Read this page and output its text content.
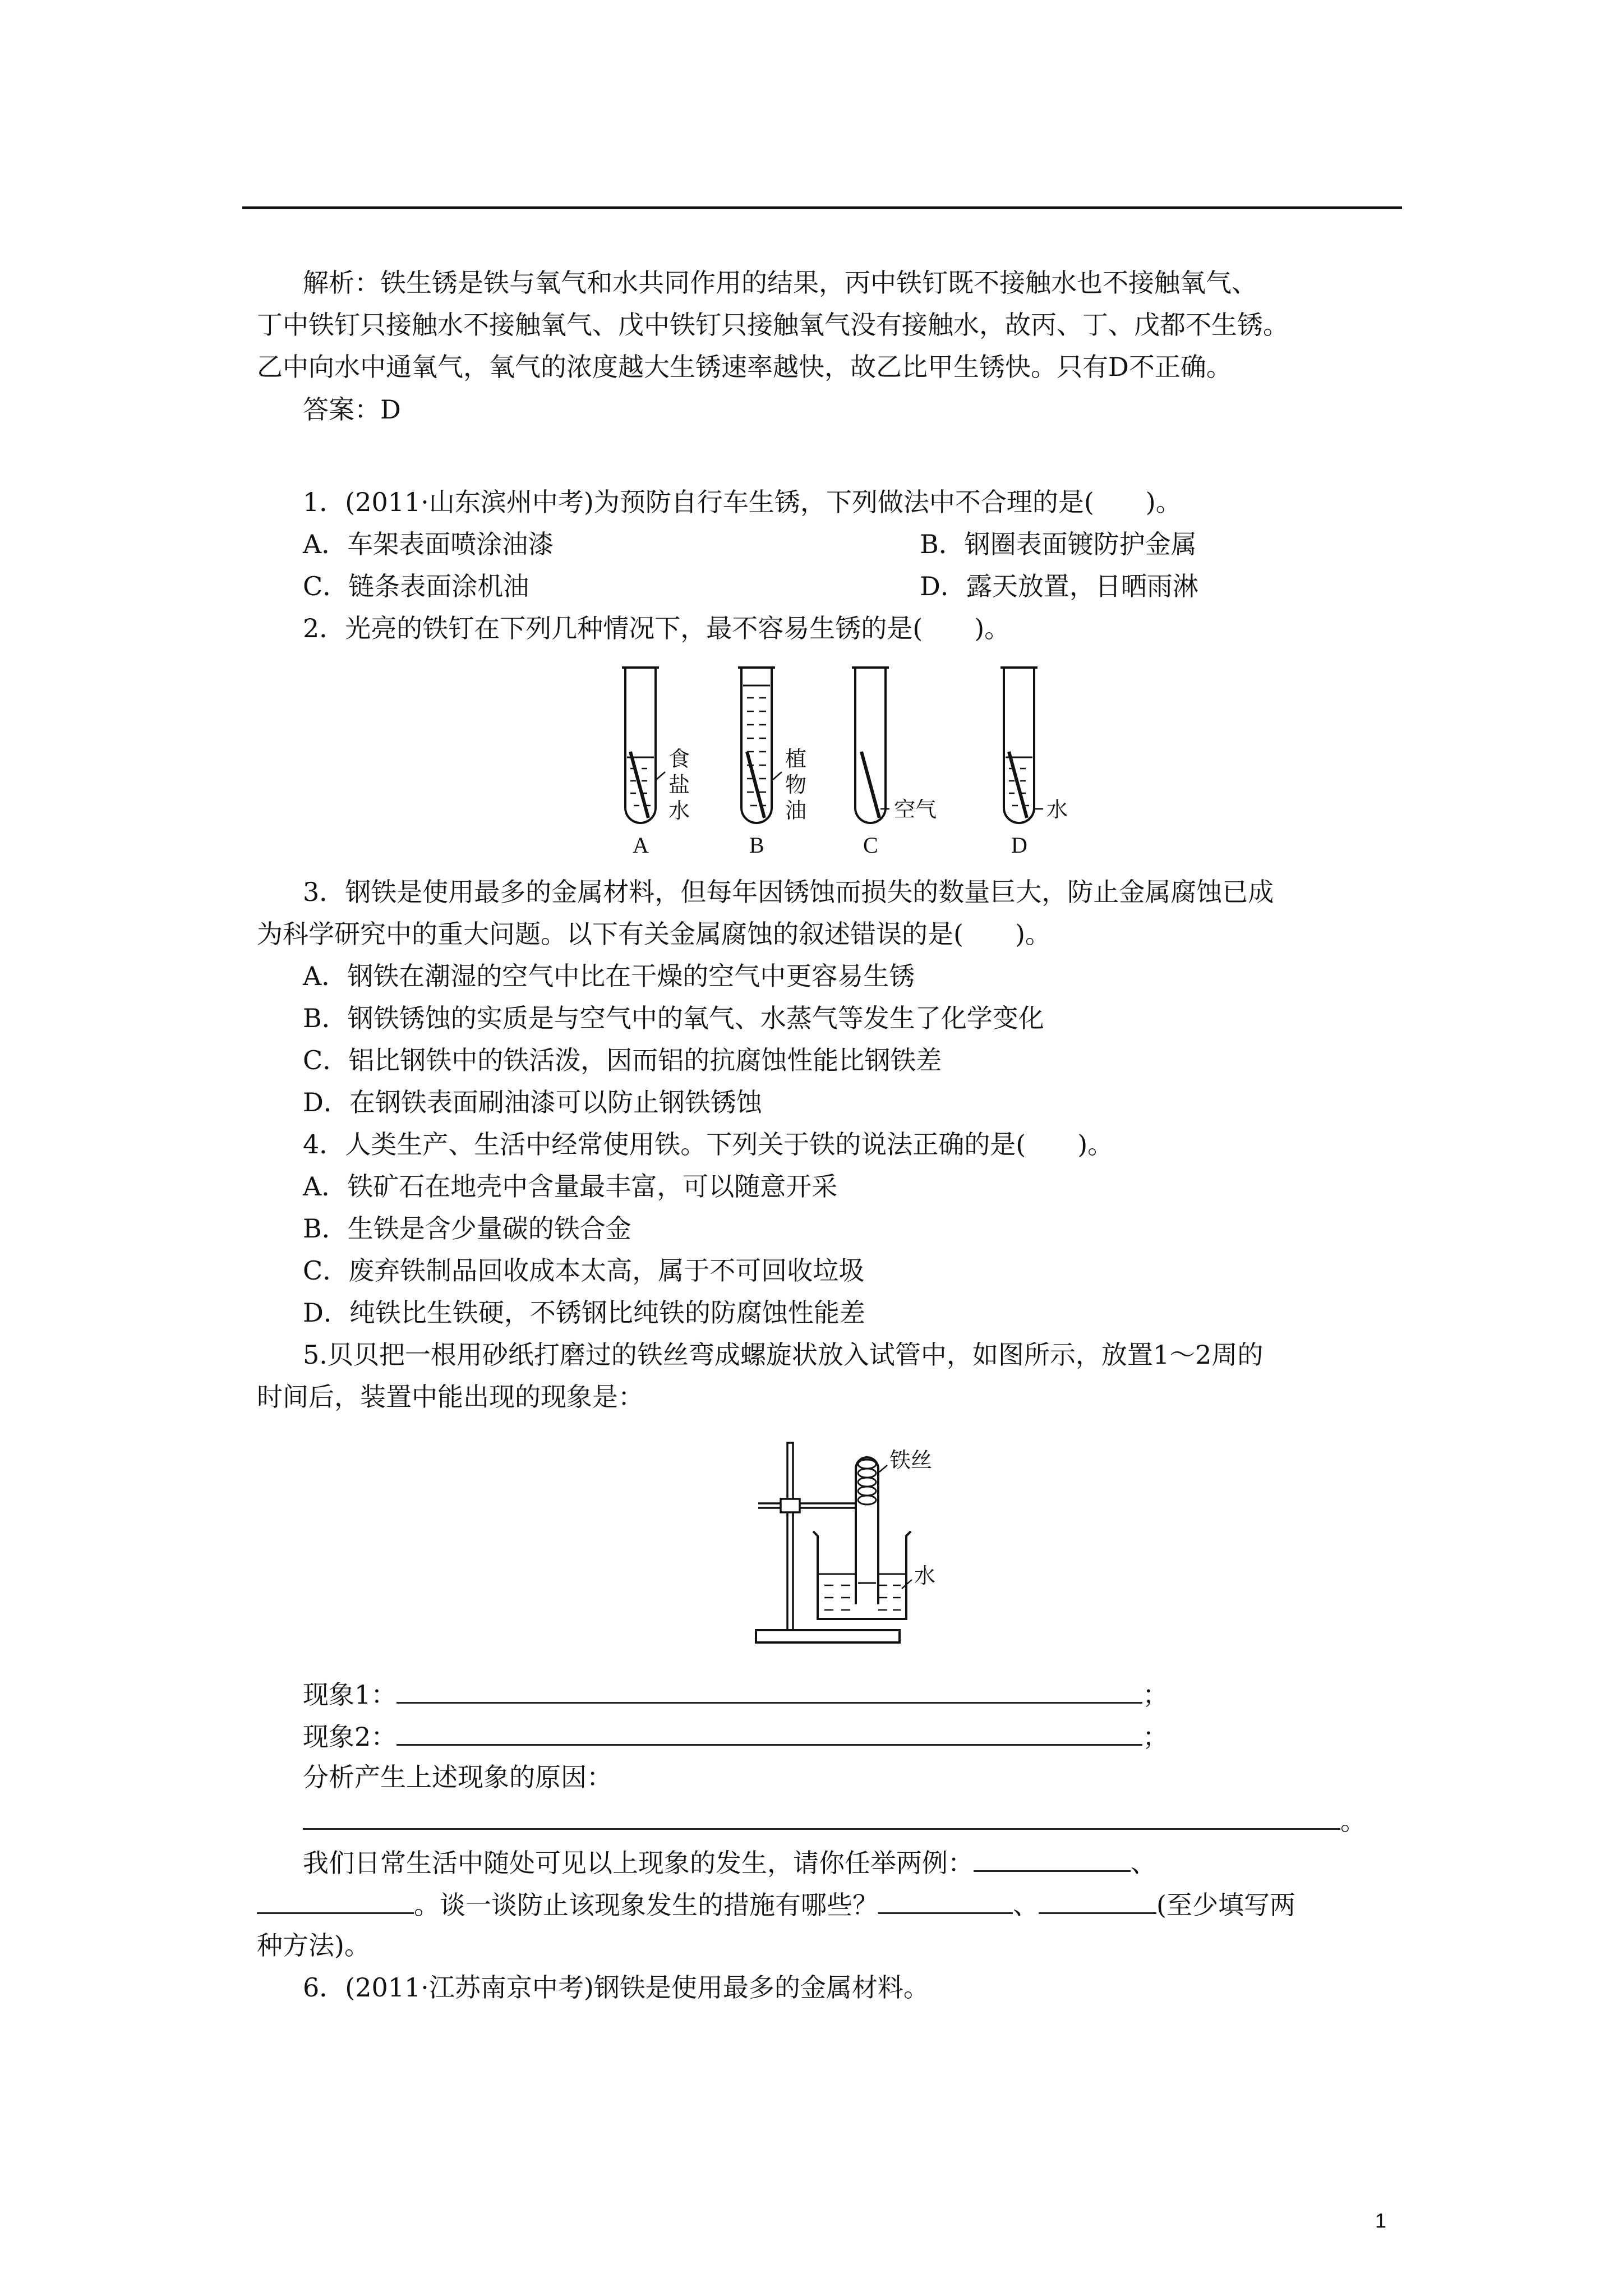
解析：铁生锈是铁与氧气和水共同作用的结果，丙中铁钉既不接触水也不接触氧气、
丁中铁钉只接触水不接触氧气、戊中铁钉只接触氧气没有接触水，故丙、丁、戊都不生锈。
乙中向水中通氧气，氧气的浓度越大生锈速率越快，故乙比甲生锈快。只有D不正确。
答案：D
1．(2011·山东滨州中考)为预防自行车生锈，下列做法中不合理的是(　　)。
A．车架表面喷涂油漆	B．钢圈表面镀防护金属
C．链条表面涂机油	D．露天放置，日晒雨淋
2．光亮的铁钉在下列几种情况下，最不容易生锈的是(　　)。
食
盐
水
A
植
物
油
B
空气
C
水
D
3．钢铁是使用最多的金属材料，但每年因锈蚀而损失的数量巨大，防止金属腐蚀已成
为科学研究中的重大问题。以下有关金属腐蚀的叙述错误的是(　　)。
A．钢铁在潮湿的空气中比在干燥的空气中更容易生锈
B．钢铁锈蚀的实质是与空气中的氧气、水蒸气等发生了化学变化
C．铝比钢铁中的铁活泼，因而铝的抗腐蚀性能比钢铁差
D．在钢铁表面刷油漆可以防止钢铁锈蚀
4．人类生产、生活中经常使用铁。下列关于铁的说法正确的是(　　)。
A．铁矿石在地壳中含量最丰富，可以随意开采
B．生铁是含少量碳的铁合金
C．废弃铁制品回收成本太高，属于不可回收垃圾
D．纯铁比生铁硬，不锈钢比纯铁的防腐蚀性能差
5.贝贝把一根用砂纸打磨过的铁丝弯成螺旋状放入试管中，如图所示，放置1～2周的
时间后，装置中能出现的现象是：
铁丝
水
现象1：	；
现象2：	；
分析产生上述现象的原因：
。
我们日常生活中随处可见以上现象的发生，请你任举两例：	、
。谈一谈防止该现象发生的措施有哪些？	、	(至少填写两
种方法)。
6．(2011·江苏南京中考)钢铁是使用最多的金属材料。
1
